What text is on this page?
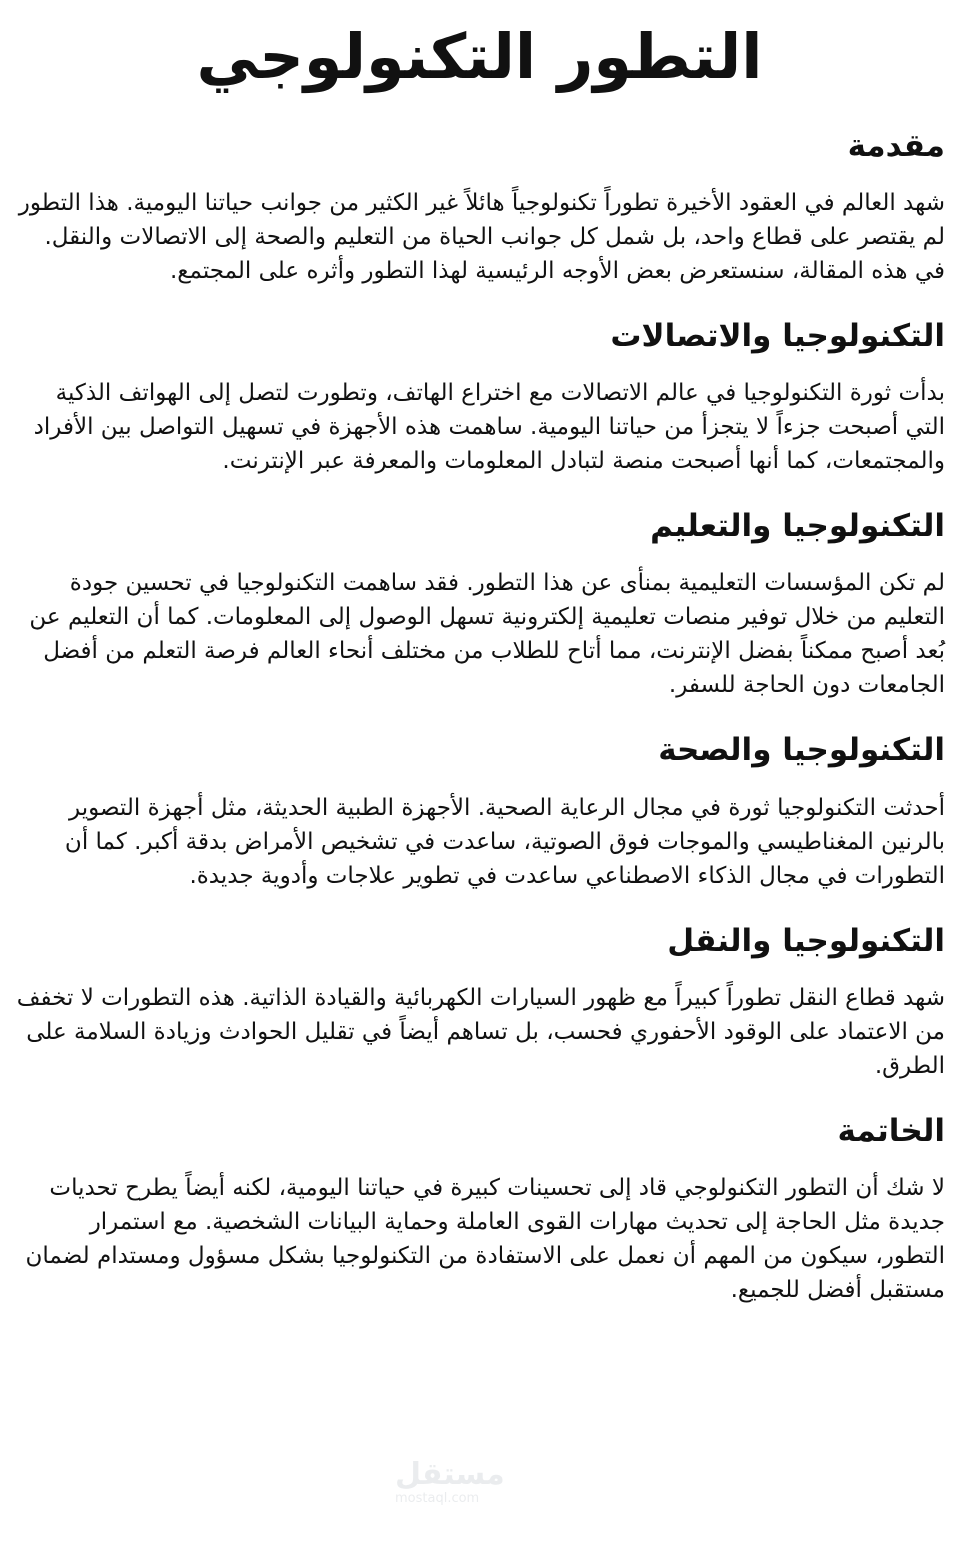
التطور التكنولوجي
مقدمة

شهد العالم في العقود الأخيرة تطوراً تكنولوجياً هائلاً غير الكثير من جوانب حياتنا اليومية. هذا التطور لم يقتصر على قطاع واحد، بل شمل كل جوانب الحياة من التعليم والصحة إلى الاتصالات والنقل. في هذه المقالة، سنستعرض بعض الأوجه الرئيسية لهذا التطور وأثره على المجتمع.

التكنولوجيا والاتصالات

بدأت ثورة التكنولوجيا في عالم الاتصالات مع اختراع الهاتف، وتطورت لتصل إلى الهواتف الذكية التي أصبحت جزءاً لا يتجزأ من حياتنا اليومية. ساهمت هذه الأجهزة في تسهيل التواصل بين الأفراد والمجتمعات، كما أنها أصبحت منصة لتبادل المعلومات والمعرفة عبر الإنترنت.

التكنولوجيا والتعليم

لم تكن المؤسسات التعليمية بمنأى عن هذا التطور. فقد ساهمت التكنولوجيا في تحسين جودة التعليم من خلال توفير منصات تعليمية إلكترونية تسهل الوصول إلى المعلومات. كما أن التعليم عن بُعد أصبح ممكناً بفضل الإنترنت، مما أتاح للطلاب من مختلف أنحاء العالم فرصة التعلم من أفضل الجامعات دون الحاجة للسفر.

التكنولوجيا والصحة

أحدثت التكنولوجيا ثورة في مجال الرعاية الصحية. الأجهزة الطبية الحديثة، مثل أجهزة التصوير بالرنين المغناطيسي والموجات فوق الصوتية، ساعدت في تشخيص الأمراض بدقة أكبر. كما أن التطورات في مجال الذكاء الاصطناعي ساعدت في تطوير علاجات وأدوية جديدة.

التكنولوجيا والنقل

شهد قطاع النقل تطوراً كبيراً مع ظهور السيارات الكهربائية والقيادة الذاتية. هذه التطورات لا تخفف من الاعتماد على الوقود الأحفوري فحسب، بل تساهم أيضاً في تقليل الحوادث وزيادة السلامة على الطرق.

الخاتمة

لا شك أن التطور التكنولوجي قاد إلى تحسينات كبيرة في حياتنا اليومية، لكنه أيضاً يطرح تحديات جديدة مثل الحاجة إلى تحديث مهارات القوى العاملة وحماية البيانات الشخصية. مع استمرار التطور، سيكون من المهم أن نعمل على الاستفادة من التكنولوجيا بشكل مسؤول ومستدام لضمان مستقبل أفضل للجميع.

مستقل
mostaql.com
